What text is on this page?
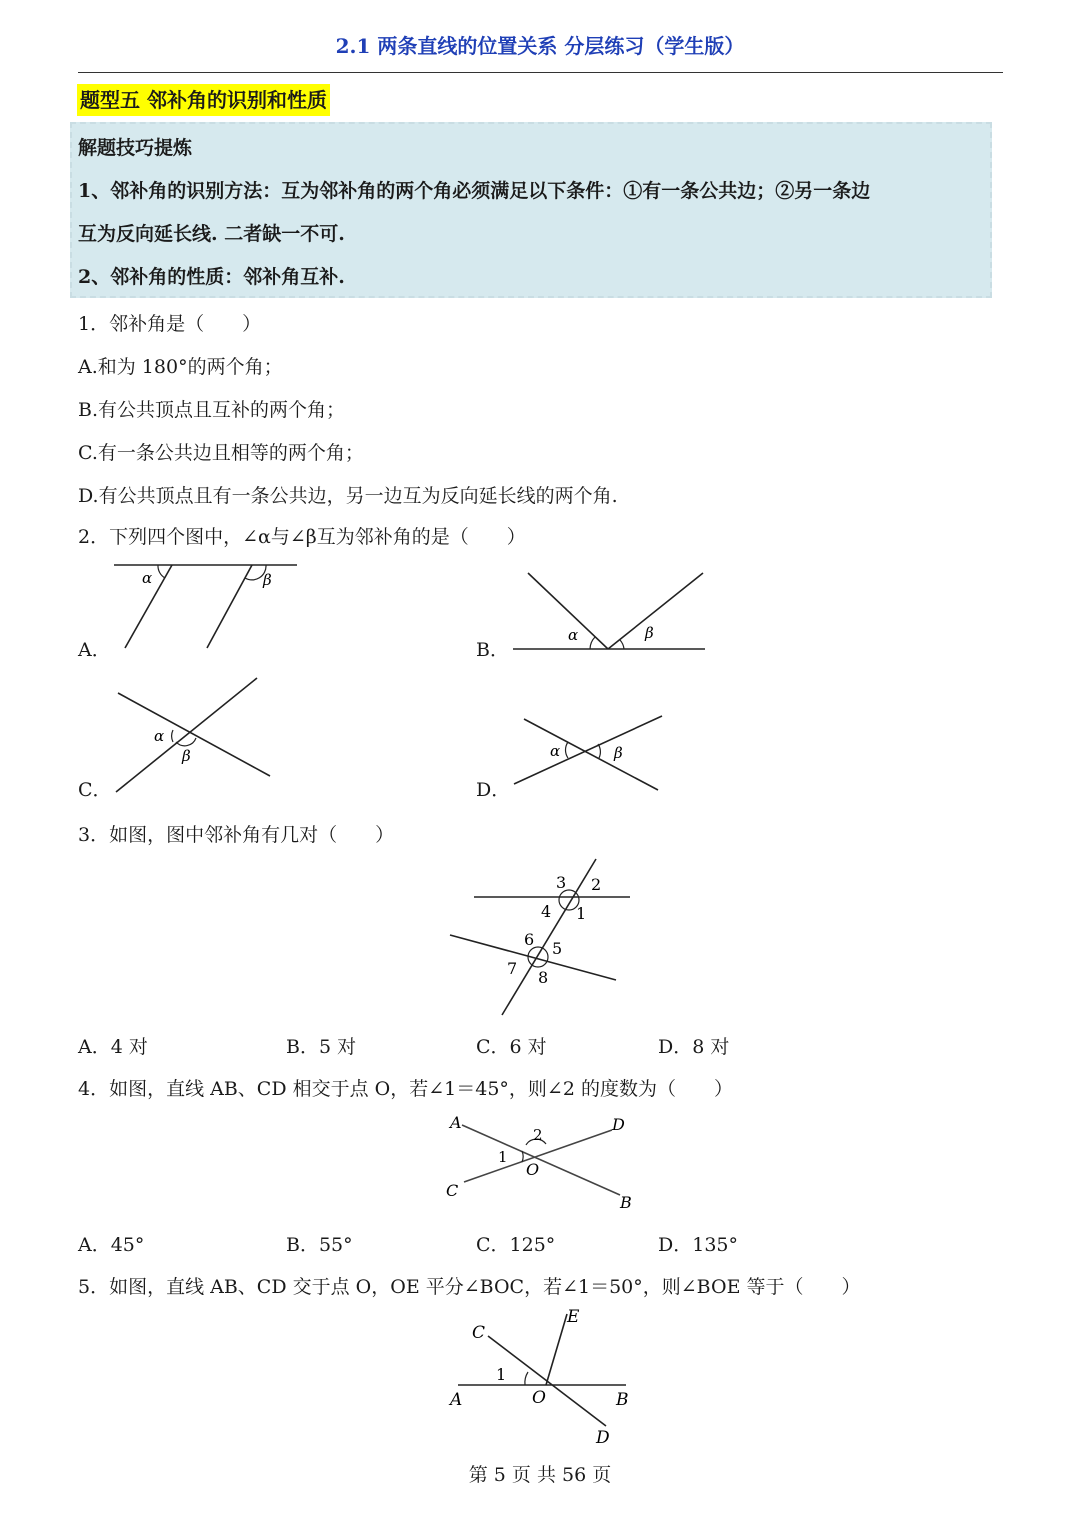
2.1 两条直线的位置关系 分层练习（学生版）
题型五 邻补角的识别和性质
解题技巧提炼
1、邻补角的识别方法：互为邻补角的两个角必须满足以下条件：①有一条公共边；②另一条边
互为反向延长线. 二者缺一不可.
2、邻补角的性质：邻补角互补.
1．邻补角是（　　）
A.和为 180°的两个角；
B.有公共顶点且互补的两个角；
C.有一条公共边且相等的两个角；
D.有公共顶点且有一条公共边，另一边互为反向延长线的两个角.
2．下列四个图中，∠α与∠β互为邻补角的是（　　）
A．
α	β
B．
α	β
C．
α
β
D．
α	β
3．如图，图中邻补角有几对（　　）
3 2
4 1
6 5
7 8
A．4 对	B．5 对	C．6 对	D．8 对
4．如图，直线 AB、CD 相交于点 O，若∠1＝45°，则∠2 的度数为（　　）
A	D
C
B
O
1
2
A．45°	B．55°	C．125°	D．135°
5．如图，直线 AB、CD 交于点 O，OE 平分∠BOC，若∠1＝50°，则∠BOE 等于（　　）
C
E
A	O	B
D
1
第 5 页 共 56 页
